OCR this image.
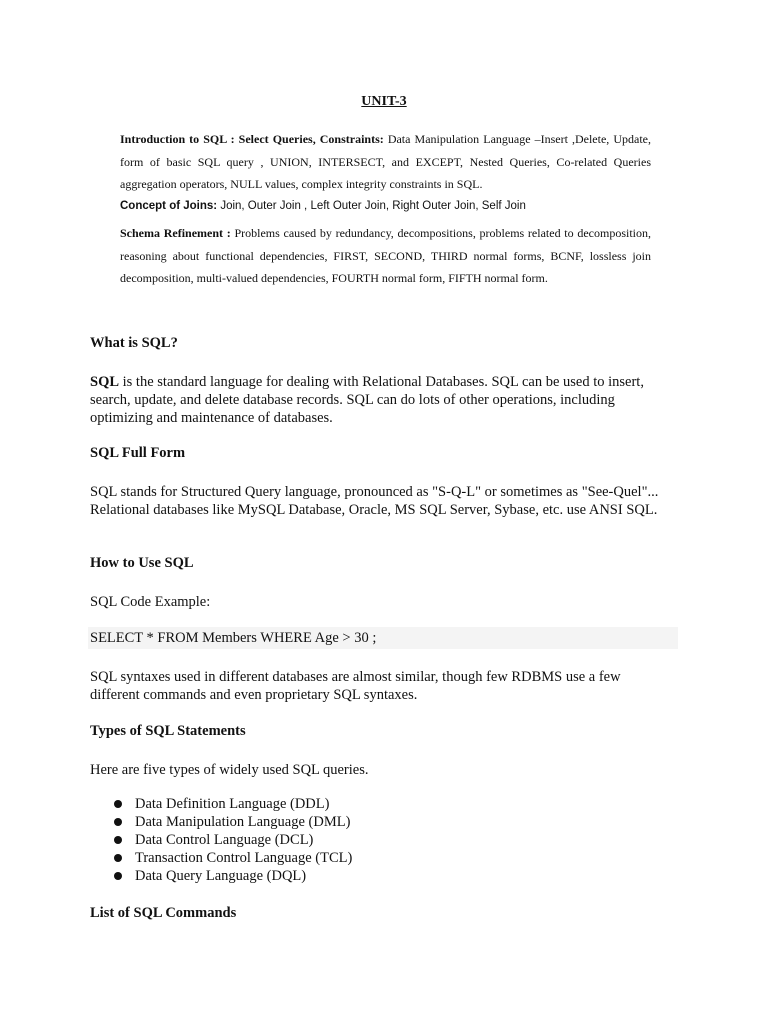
UNIT-3
Introduction to SQL : Select Queries, Constraints: Data Manipulation Language –Insert ,Delete, Update, form of basic SQL query , UNION, INTERSECT, and EXCEPT, Nested Queries, Co-related Queries aggregation operators, NULL values, complex integrity constraints in SQL.
Concept of Joins: Join, Outer Join , Left Outer Join, Right Outer Join, Self Join
Schema Refinement : Problems caused by redundancy, decompositions, problems related to decomposition, reasoning about functional dependencies, FIRST, SECOND, THIRD normal forms, BCNF, lossless join decomposition, multi-valued dependencies, FOURTH normal form, FIFTH normal form.
What is SQL?
SQL is the standard language for dealing with Relational Databases. SQL can be used to insert, search, update, and delete database records. SQL can do lots of other operations, including optimizing and maintenance of databases.
SQL Full Form
SQL stands for Structured Query language, pronounced as "S-Q-L" or sometimes as "See-Quel"... Relational databases like MySQL Database, Oracle, MS SQL Server, Sybase, etc. use ANSI SQL.
How to Use SQL
SQL Code Example:
SELECT * FROM Members WHERE Age > 30 ;
SQL syntaxes used in different databases are almost similar, though few RDBMS use a few different commands and even proprietary SQL syntaxes.
Types of SQL Statements
Here are five types of widely used SQL queries.
Data Definition Language (DDL)
Data Manipulation Language (DML)
Data Control Language (DCL)
Transaction Control Language (TCL)
Data Query Language (DQL)
List of SQL Commands
